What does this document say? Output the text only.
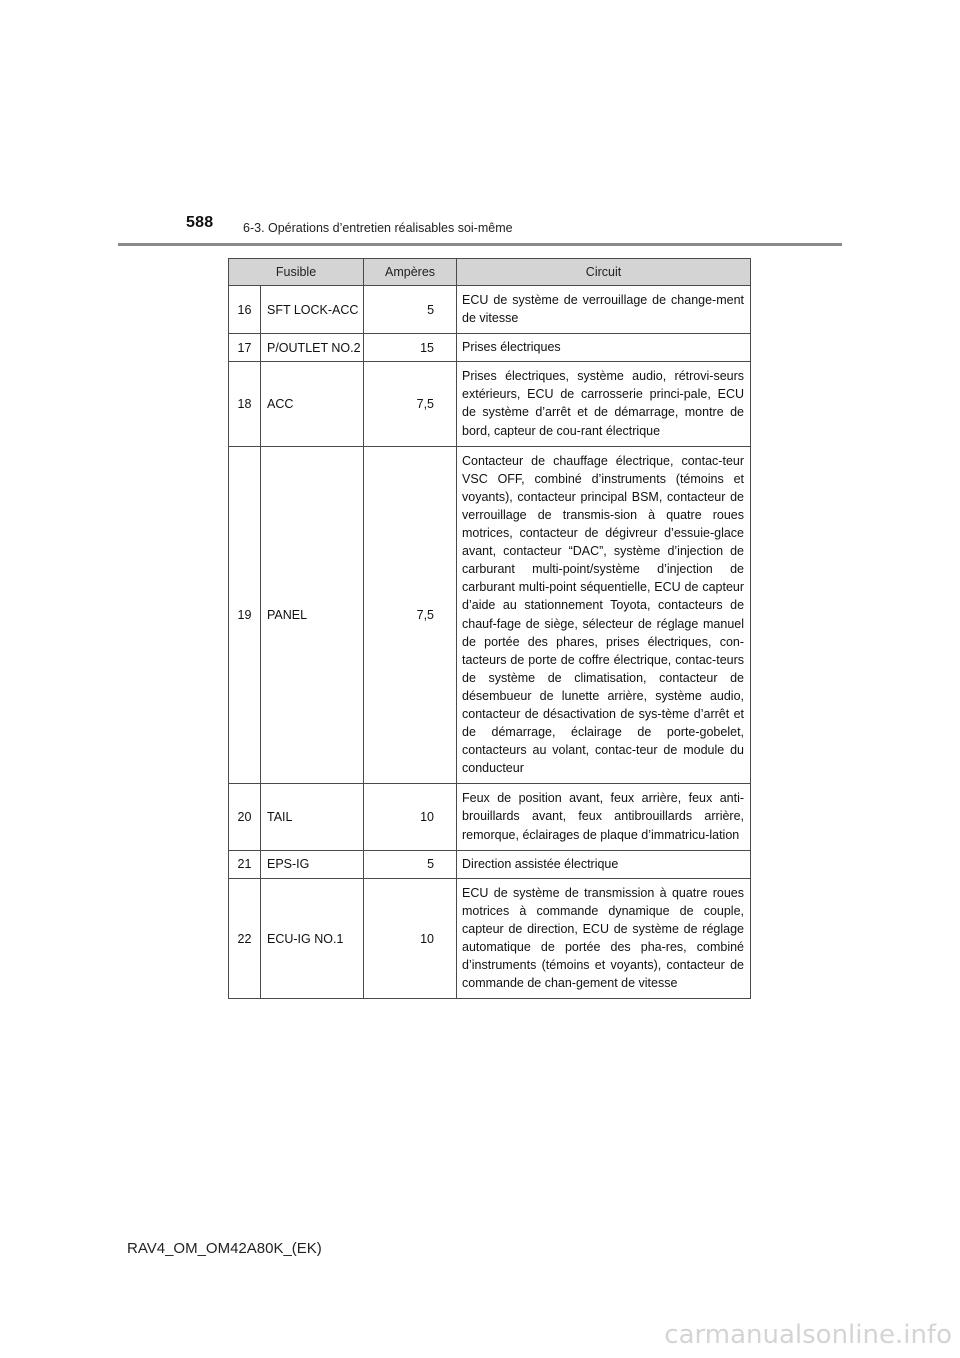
588 6-3. Opérations d’entretien réalisables soi-même
Fusible		Ampères	Circuit
16	SFT LOCK-ACC	5	ECU de système de verrouillage de change-ment de vitesse
17	P/OUTLET NO.2	15	Prises électriques
18	ACC	7,5	Prises électriques, système audio, rétrovi-seurs extérieurs, ECU de carrosserie princi-pale, ECU de système d’arrêt et de démarrage, montre de bord, capteur de cou-rant électrique
19	PANEL	7,5	Contacteur de chauffage électrique, contac-teur VSC OFF, combiné d’instruments (témoins et voyants), contacteur principal BSM, contacteur de verrouillage de transmis-sion à quatre roues motrices, contacteur de dégivreur d’essuie-glace avant, contacteur “DAC”, système d’injection de carburant multi-point/système d’injection de carburant multi-point séquentielle, ECU de capteur d’aide au stationnement Toyota, contacteurs de chauf-fage de siège, sélecteur de réglage manuel de portée des phares, prises électriques, con-tacteurs de porte de coffre électrique, contac-teurs de système de climatisation, contacteur de désembueur de lunette arrière, système audio, contacteur de désactivation de sys-tème d’arrêt et de démarrage, éclairage de porte-gobelet, contacteurs au volant, contac-teur de module du conducteur
20	TAIL	10	Feux de position avant, feux arrière, feux anti-brouillards avant, feux antibrouillards arrière, remorque, éclairages de plaque d’immatricu-lation
21	EPS-IG	5	Direction assistée électrique
22	ECU-IG NO.1	10	ECU de système de transmission à quatre roues motrices à commande dynamique de couple, capteur de direction, ECU de système de réglage automatique de portée des pha-res, combiné d’instruments (témoins et voyants), contacteur de commande de chan-gement de vitesse
RAV4_OM_OM42A80K_(EK)
carmanualsonline.info
